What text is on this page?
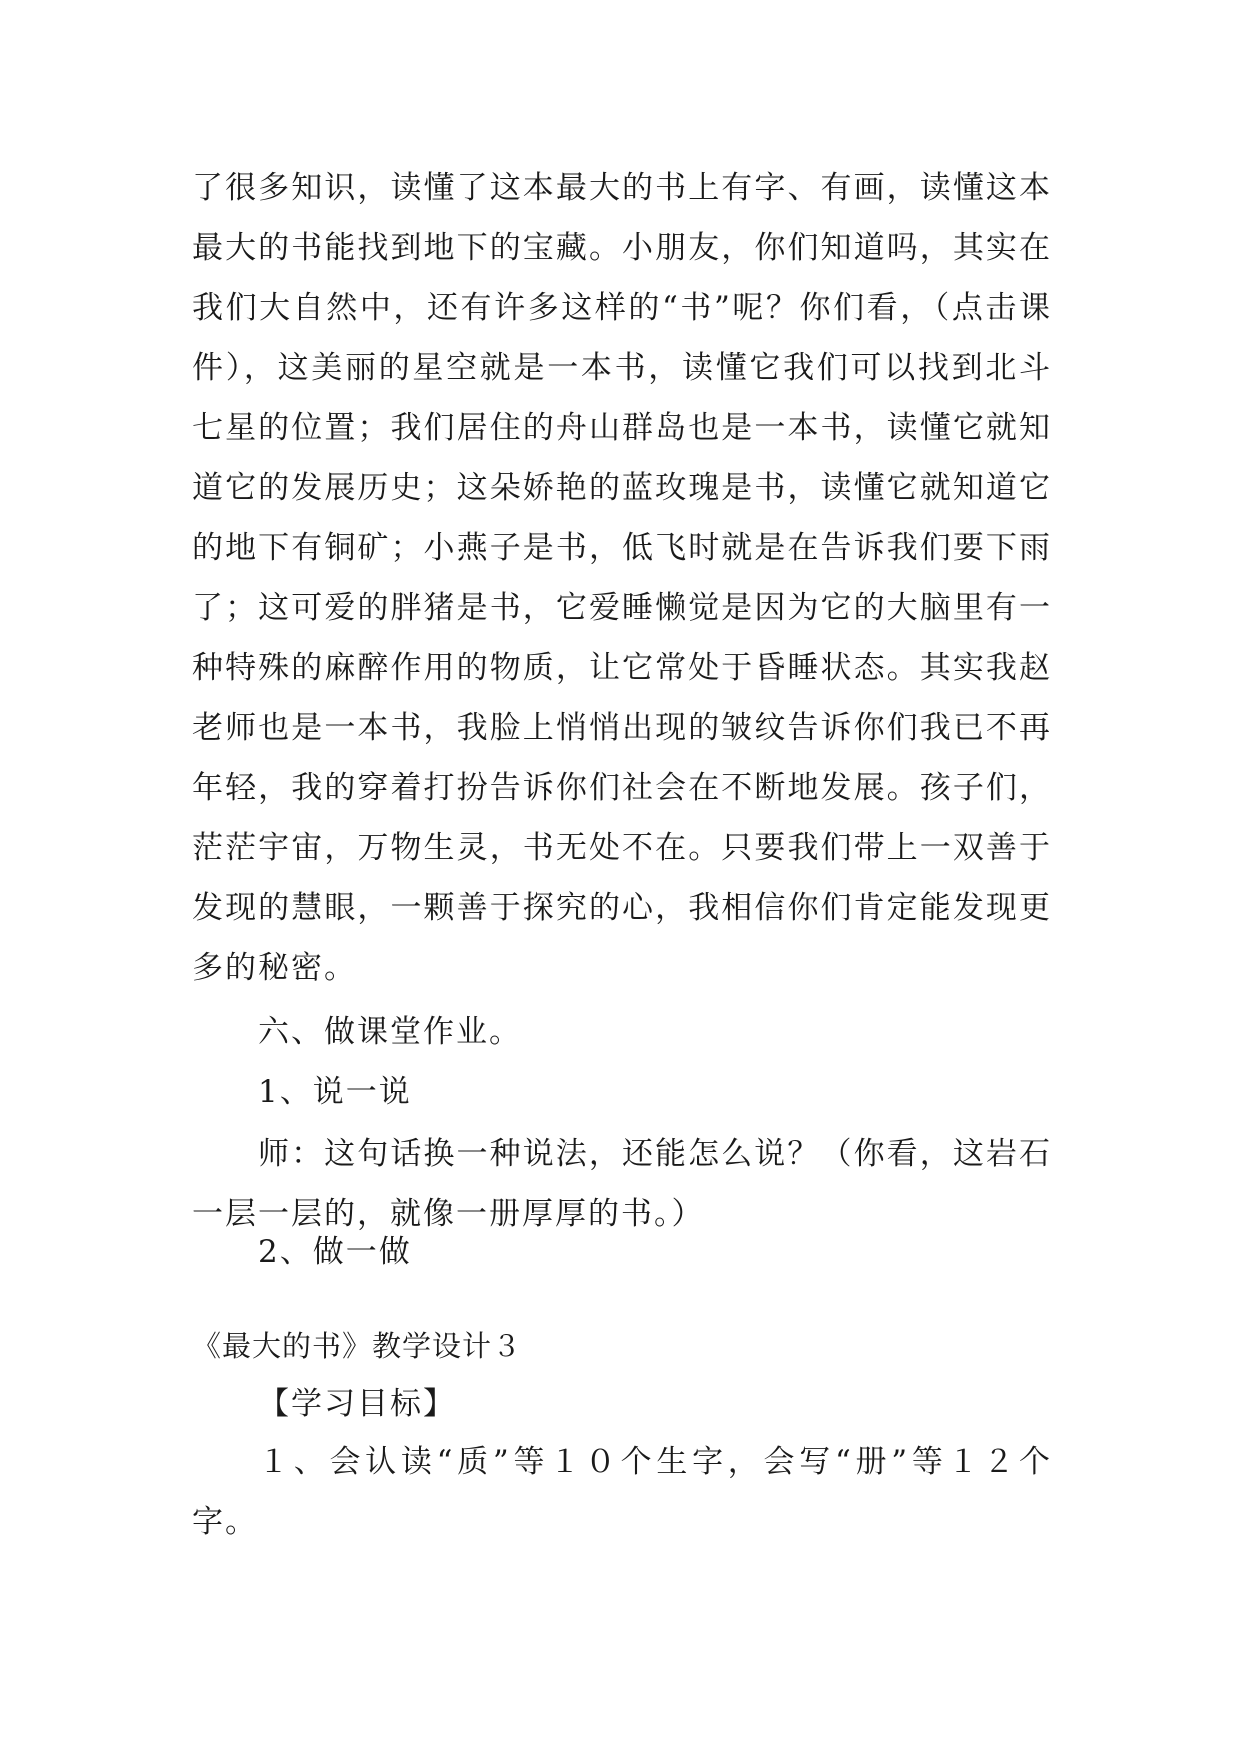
了很多知识，读懂了这本最大的书上有字、有画，读懂这本最大的书能找到地下的宝藏。小朋友，你们知道吗，其实在我们大自然中，还有许多这样的“书”呢？你们看，（点击课件），这美丽的星空就是一本书，读懂它我们可以找到北斗七星的位置；我们居住的舟山群岛也是一本书，读懂它就知道它的发展历史；这朵娇艳的蓝玫瑰是书，读懂它就知道它的地下有铜矿；小燕子是书，低飞时就是在告诉我们要下雨了；这可爱的胖猪是书，它爱睡懒觉是因为它的大脑里有一种特殊的麻醉作用的物质，让它常处于昏睡状态。其实我赵老师也是一本书，我脸上悄悄出现的皱纹告诉你们我已不再年轻，我的穿着打扮告诉你们社会在不断地发展。孩子们，茫茫宇宙，万物生灵，书无处不在。只要我们带上一双善于发现的慧眼，一颗善于探究的心，我相信你们肯定能发现更多的秘密。
六、做课堂作业。
1、说一说
师：这句话换一种说法，还能怎么说？（你看，这岩石一层一层的，就像一册厚厚的书。）
2、做一做
《最大的书》教学设计３
【学习目标】
１、会认读“质”等１０个生字，会写“册”等１２个字。
